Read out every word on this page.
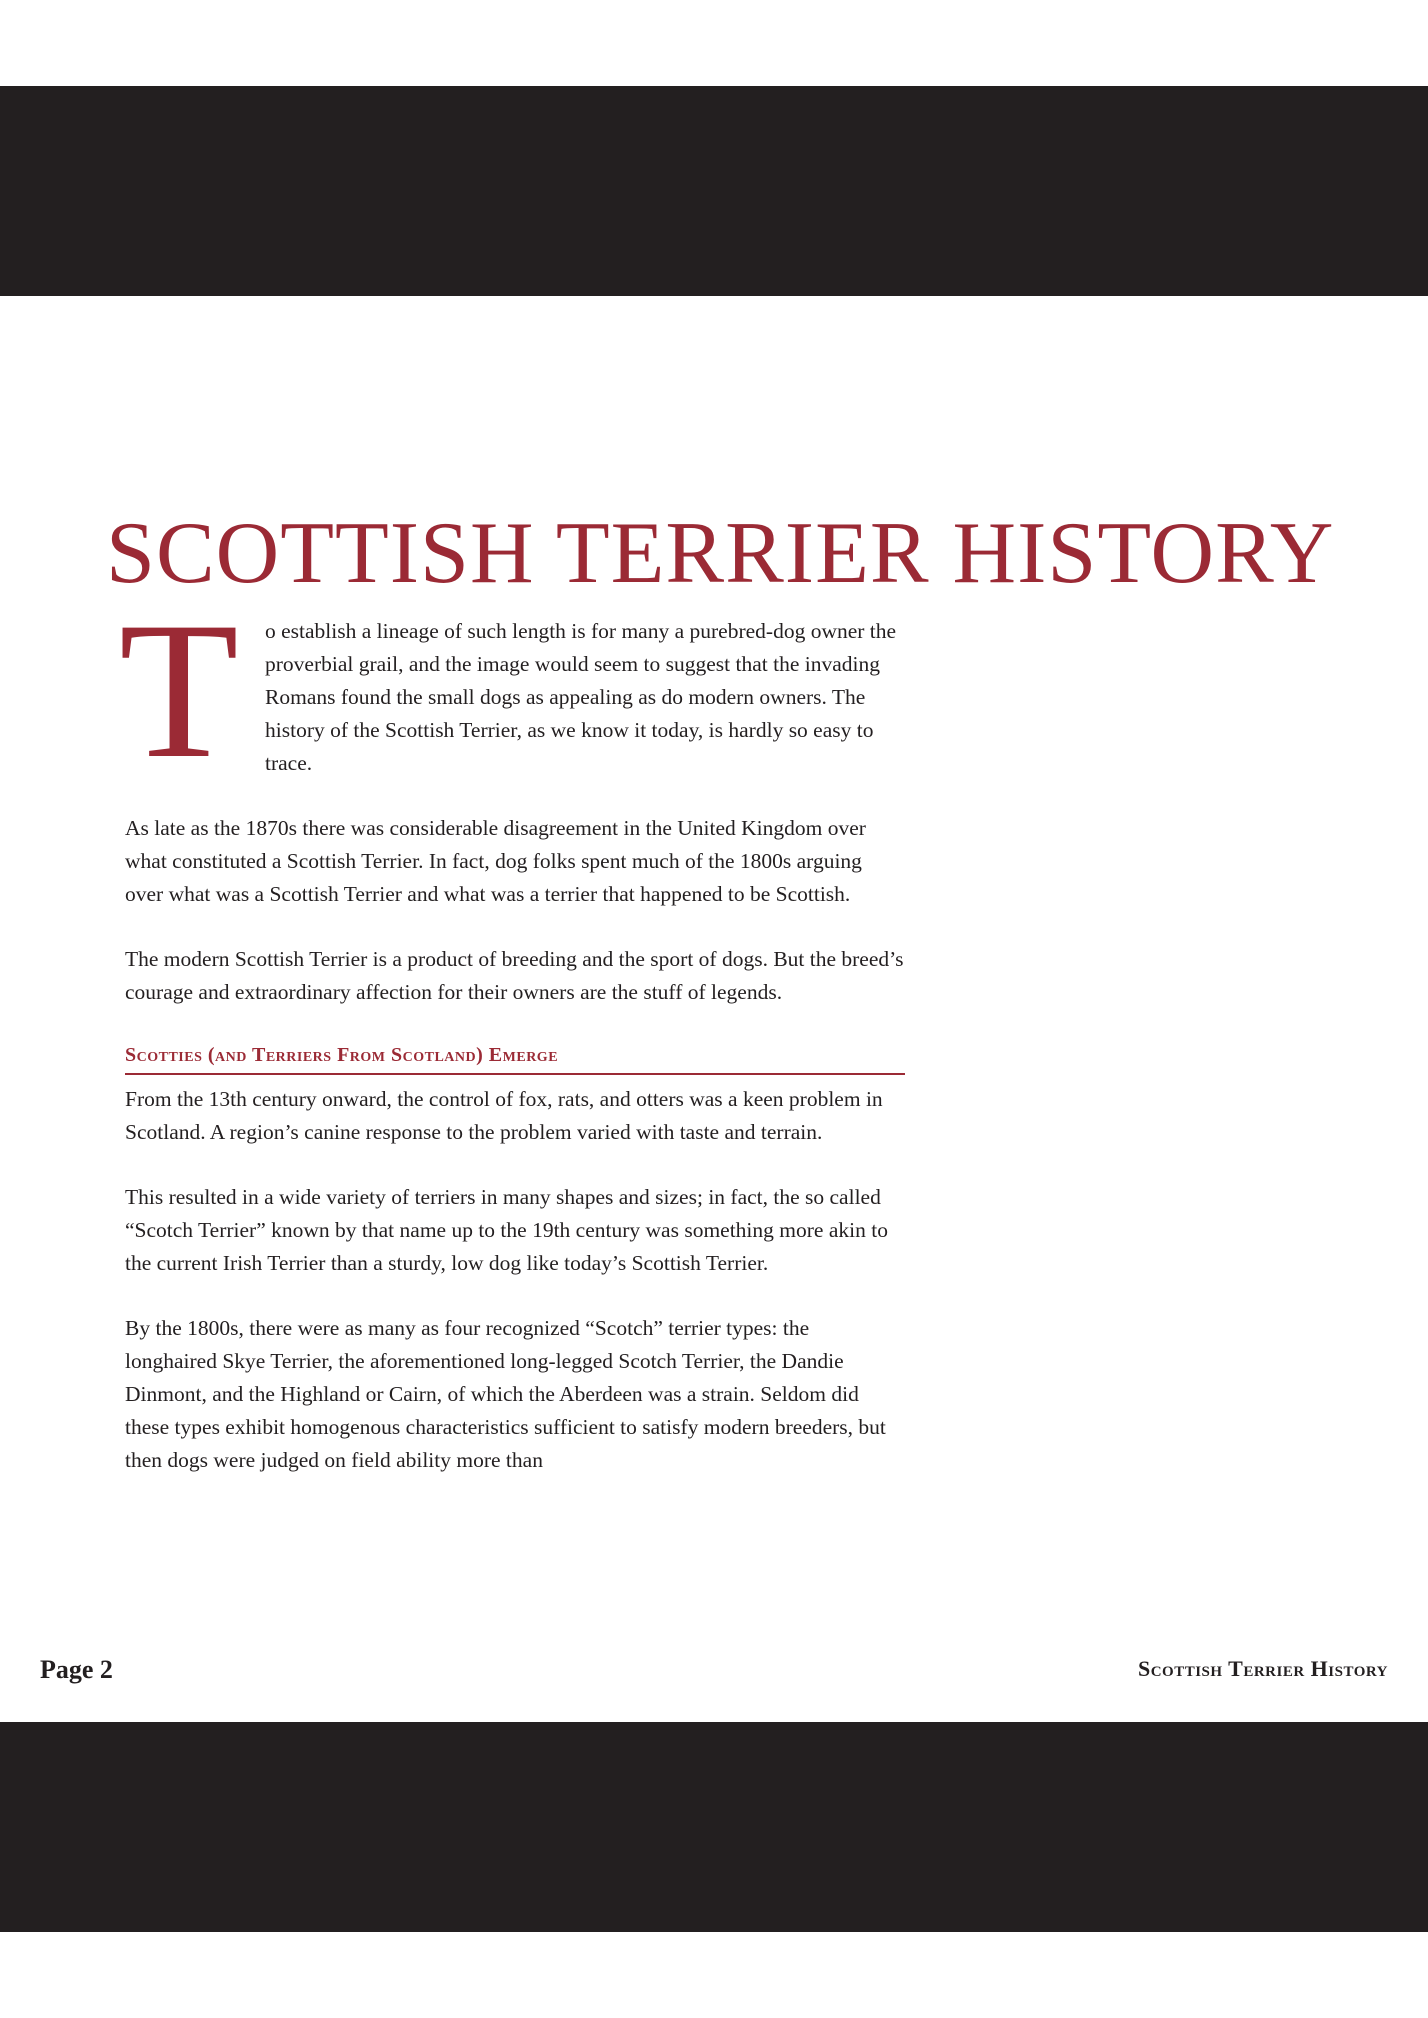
SCOTTISH TERRIER HISTORY
T o establish a lineage of such length is for many a purebred-dog owner the proverbial grail, and the image would seem to suggest that the invading Romans found the small dogs as appealing as do modern owners. The history of the Scottish Terrier, as we know it today, is hardly so easy to trace.

As late as the 1870s there was considerable disagreement in the United Kingdom over what constituted a Scottish Terrier. In fact, dog folks spent much of the 1800s arguing over what was a Scottish Terrier and what was a terrier that happened to be Scottish.

The modern Scottish Terrier is a product of breeding and the sport of dogs. But the breed’s courage and extraordinary affection for their owners are the stuff of legends.

Scotties (and Terriers From Scotland) Emerge

From the 13th century onward, the control of fox, rats, and otters was a keen problem in Scotland. A region’s canine response to the problem varied with taste and terrain.

This resulted in a wide variety of terriers in many shapes and sizes; in fact, the so called “Scotch Terrier” known by that name up to the 19th century was something more akin to the current Irish Terrier than a sturdy, low dog like today’s Scottish Terrier.

By the 1800s, there were as many as four recognized “Scotch” terrier types: the longhaired Skye Terrier, the aforementioned long-legged Scotch Terrier, the Dandie Dinmont, and the Highland or Cairn, of which the Aberdeen was a strain. Seldom did these types exhibit homogenous characteristics sufficient to satisfy modern breeders, but then dogs were judged on field ability more than

Page 2	Scottish Terrier History
